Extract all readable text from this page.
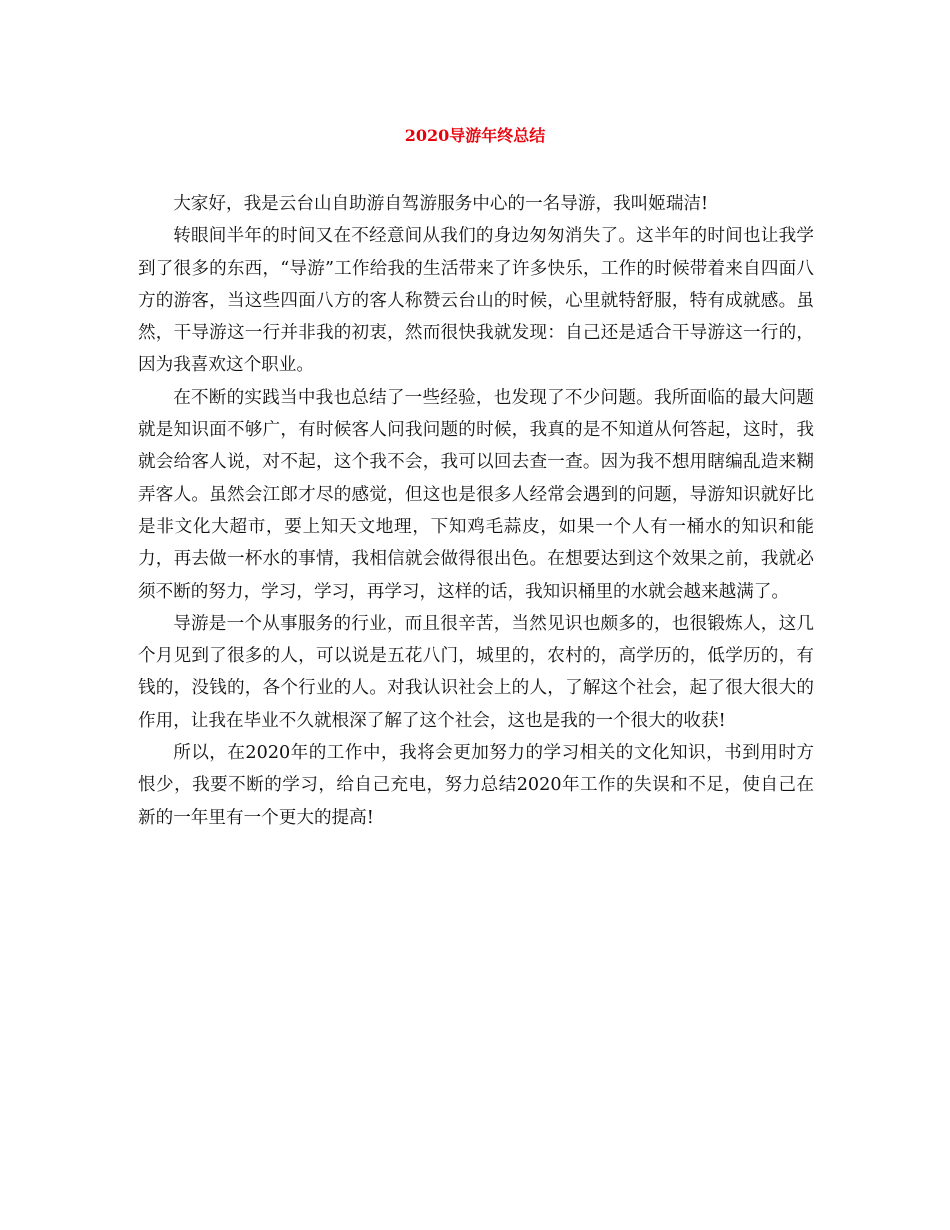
2020导游年终总结

大家好，我是云台山自助游自驾游服务中心的一名导游，我叫姬瑞洁!

转眼间半年的时间又在不经意间从我们的身边匆匆消失了。这半年的时间也让我学到了很多的东西，“导游”工作给我的生活带来了许多快乐，工作的时候带着来自四面八方的游客，当这些四面八方的客人称赞云台山的时候，心里就特舒服，特有成就感。虽然，干导游这一行并非我的初衷，然而很快我就发现：自己还是适合干导游这一行的，因为我喜欢这个职业。

在不断的实践当中我也总结了一些经验，也发现了不少问题。我所面临的最大问题就是知识面不够广，有时候客人问我问题的时候，我真的是不知道从何答起，这时，我就会给客人说，对不起，这个我不会，我可以回去查一查。因为我不想用瞎编乱造来糊弄客人。虽然会江郎才尽的感觉，但这也是很多人经常会遇到的问题，导游知识就好比是非文化大超市，要上知天文地理，下知鸡毛蒜皮，如果一个人有一桶水的知识和能力，再去做一杯水的事情，我相信就会做得很出色。在想要达到这个效果之前，我就必须不断的努力，学习，学习，再学习，这样的话，我知识桶里的水就会越来越满了。

导游是一个从事服务的行业，而且很辛苦，当然见识也颇多的，也很锻炼人，这几个月见到了很多的人，可以说是五花八门，城里的，农村的，高学历的，低学历的，有钱的，没钱的，各个行业的人。对我认识社会上的人，了解这个社会，起了很大很大的作用，让我在毕业不久就根深了解了这个社会，这也是我的一个很大的收获!

所以，在2020年的工作中，我将会更加努力的学习相关的文化知识，书到用时方恨少，我要不断的学习，给自己充电，努力总结2020年工作的失误和不足，使自己在新的一年里有一个更大的提高!
